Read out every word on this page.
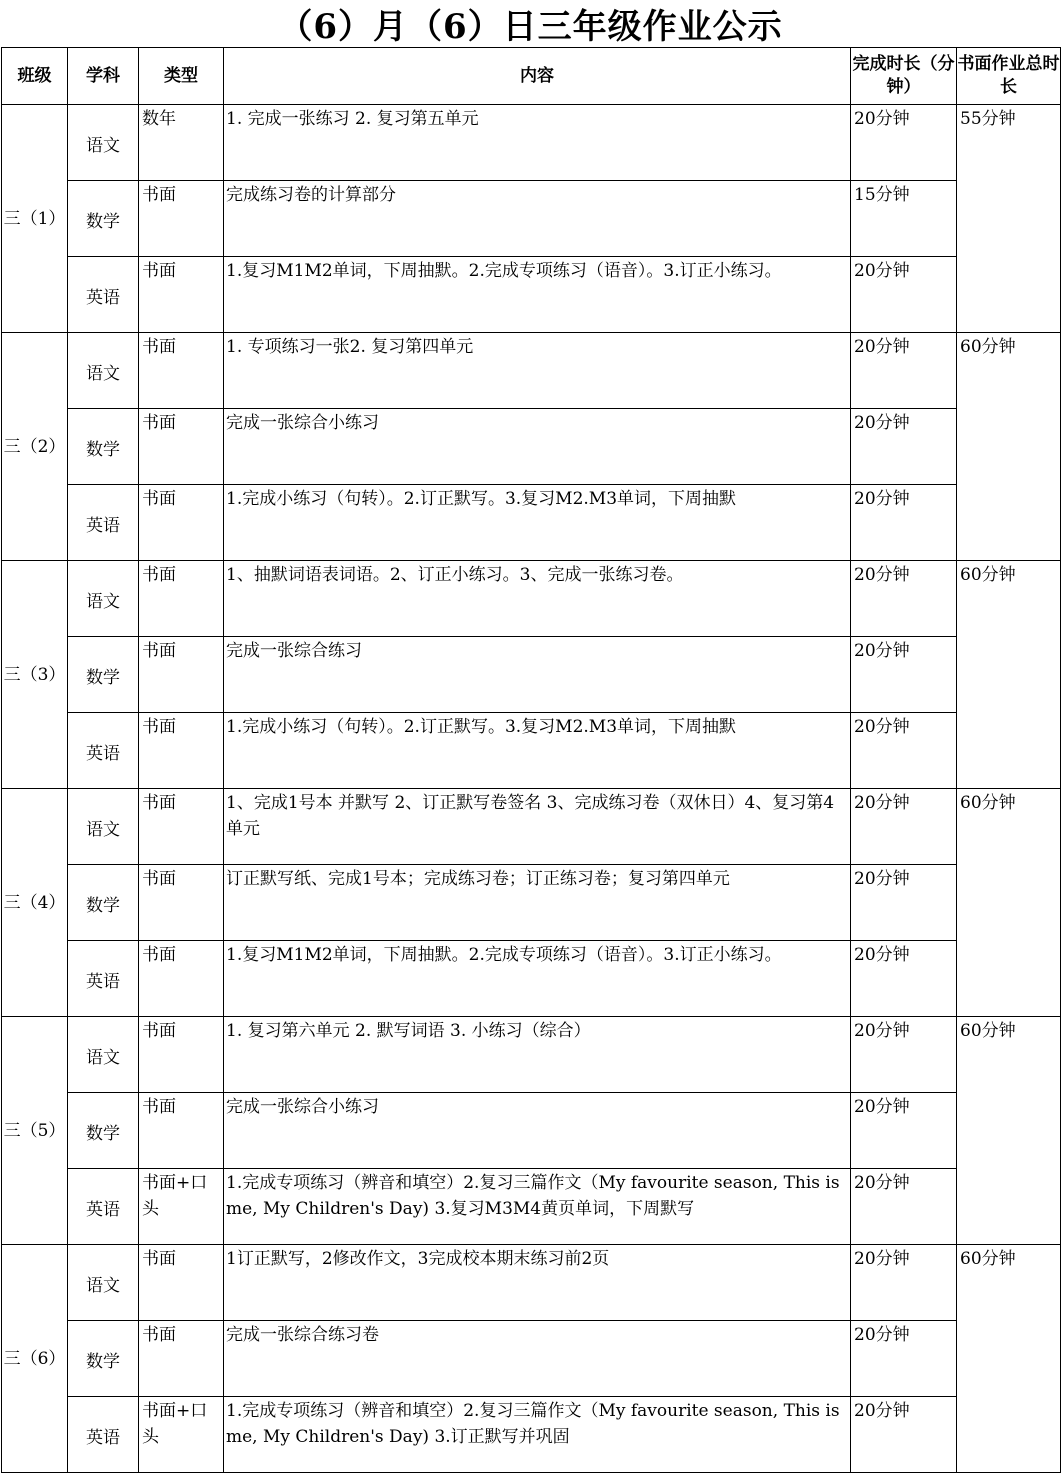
（6）月（6）日三年级作业公示
班级	学科	类型	内容	完成时长（分钟）	书面作业总时长
三（1）	语文	数年	1. 完成一张练习 2. 复习第五单元	20分钟	55分钟
	数学	书面	完成练习卷的计算部分	15分钟	
	英语	书面	1.复习M1M2单词，下周抽默。2.完成专项练习（语音）。3.订正小练习。	20分钟	
三（2）	语文	书面	1. 专项练习一张2. 复习第四单元	20分钟	60分钟
	数学	书面	完成一张综合小练习	20分钟	
	英语	书面	1.完成小练习（句转）。2.订正默写。3.复习M2.M3单词，下周抽默	20分钟	
三（3）	语文	书面	1、抽默词语表词语。2、订正小练习。3、完成一张练习卷。	20分钟	60分钟
	数学	书面	完成一张综合练习	20分钟	
	英语	书面	1.完成小练习（句转）。2.订正默写。3.复习M2.M3单词，下周抽默	20分钟	
三（4）	语文	书面	1、完成1号本 并默写 2、订正默写卷签名 3、完成练习卷（双休日）4、复习第4单元	20分钟	60分钟
	数学	书面	订正默写纸、完成1号本；完成练习卷；订正练习卷；复习第四单元	20分钟	
	英语	书面	1.复习M1M2单词，下周抽默。2.完成专项练习（语音）。3.订正小练习。	20分钟	
三（5）	语文	书面	1. 复习第六单元 2. 默写词语 3. 小练习（综合）	20分钟	60分钟
	数学	书面	完成一张综合小练习	20分钟	
	英语	书面+口头	1.完成专项练习（辨音和填空）2.复习三篇作文（My favourite season, This is me, My Children's Day) 3.复习M3M4黄页单词，下周默写	20分钟	
三（6）	语文	书面	1订正默写，2修改作文，3完成校本期末练习前2页	20分钟	60分钟
	数学	书面	完成一张综合练习卷	20分钟	
	英语	书面+口头	1.完成专项练习（辨音和填空）2.复习三篇作文（My favourite season, This is me, My Children's Day) 3.订正默写并巩固	20分钟	
